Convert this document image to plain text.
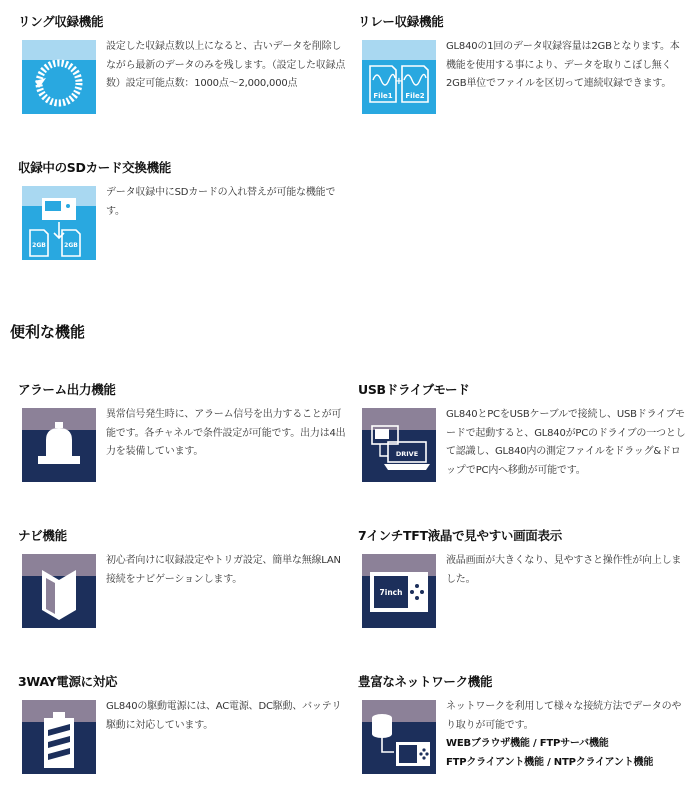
リング収録機能
設定した収録点数以上になると、古いデータを削除しながら最新のデータのみを残します。（設定した収録点数）設定可能点数：1000点～2,000,000点
リレー収録機能
+
File1 File2
GL840の1回のデータ収録容量は2GBとなります。本機能を使用する事により、データを取りこぼし無く2GB単位でファイルを区切って連続収録できます。
収録中のSDカード交換機能
2GB	2GB
データ収録中にSDカードの入れ替えが可能な機能です。
便利な機能
アラーム出力機能
異常信号発生時に、アラーム信号を出力することが可能です。各チャネルで条件設定が可能です。出力は4出力を装備しています。
USBドライブモード
DRIVE
GL840とPCをUSBケーブルで接続し、USBドライブモードで起動すると、GL840がPCのドライブの一つとして認識し、GL840内の測定ファイルをドラッグ&ドロップでPC内へ移動が可能です。
ナビ機能
初心者向けに収録設定やトリガ設定、簡単な無線LAN接続をナビゲーションします。
7インチTFT液晶で見やすい画面表示
7inch
液晶画面が大きくなり、見やすさと操作性が向上しました。
3WAY電源に対応
GL840の駆動電源には、AC電源、DC駆動、バッテリ駆動に対応しています。
豊富なネットワーク機能
ネットワークを利用して様々な接続方法でデータのやり取りが可能です。
WEBブラウザ機能 / FTPサーバ機能
FTPクライアント機能 / NTPクライアント機能
